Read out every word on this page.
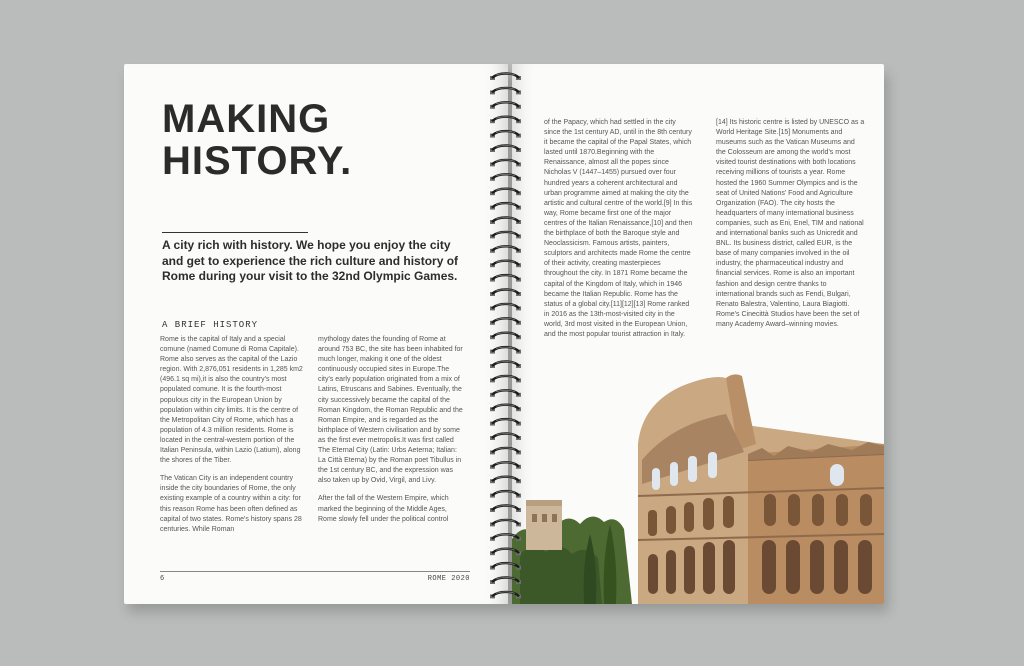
MAKING
HISTORY.
A city rich with history. We hope you enjoy the city and get to experience the rich culture and history of Rome during your visit to the 32nd Olympic Games.
A BRIEF HISTORY

Rome is the capital of Italy and a special comune (named Comune di Roma Capitale). Rome also serves as the capital of the Lazio region. With 2,876,051 residents in 1,285 km2 (496.1 sq mi),it is also the country's most populated comune. It is the fourth-most populous city in the European Union by population within city limits. It is the centre of the Metropolitan City of Rome, which has a population of 4.3 million residents. Rome is located in the central-western portion of the Italian Peninsula, within Lazio (Latium), along the shores of the Tiber.

The Vatican City is an independent country inside the city boundaries of Rome, the only existing example of a country within a city: for this reason Rome has been often defined as capital of two states. Rome's history spans 28 centuries. While Roman

mythology dates the founding of Rome at around 753 BC, the site has been inhabited for much longer, making it one of the oldest continuously occupied sites in Europe.The city's early population originated from a mix of Latins, Etruscans and Sabines. Eventually, the city successively became the capital of the Roman Kingdom, the Roman Republic and the Roman Empire, and is regarded as the birthplace of Western civilisation and by some as the first ever metropolis.It was first called The Eternal City (Latin: Urbs Aeterna; Italian: La Città Eterna) by the Roman poet Tibullus in the 1st century BC, and the expression was also taken up by Ovid, Virgil, and Livy.

After the fall of the Western Empire, which marked the beginning of the Middle Ages, Rome slowly fell under the political control

6	ROME 2020
of the Papacy, which had settled in the city since the 1st century AD, until in the 8th century it became the capital of the Papal States, which lasted until 1870.Beginning with the Renaissance, almost all the popes since Nicholas V (1447–1455) pursued over four hundred years a coherent architectural and urban programme aimed at making the city the artistic and cultural centre of the world.[9] In this way, Rome became first one of the major centres of the Italian Renaissance,[10] and then the birthplace of both the Baroque style and Neoclassicism. Famous artists, painters, sculptors and architects made Rome the centre of their activity, creating masterpieces throughout the city. In 1871 Rome became the capital of the Kingdom of Italy, which in 1946 became the Italian Republic. Rome has the status of a global city.[11][12][13] Rome ranked in 2016 as the 13th-most-visited city in the world, 3rd most visited in the European Union, and the most popular tourist attraction in Italy.
[14] Its historic centre is listed by UNESCO as a World Heritage Site.[15] Monuments and museums such as the Vatican Museums and the Colosseum are among the world's most visited tourist destinations with both locations receiving millions of tourists a year. Rome hosted the 1960 Summer Olympics and is the seat of United Nations' Food and Agriculture Organization (FAO). The city hosts the headquarters of many international business companies, such as Eni, Enel, TIM and national and international banks such as Unicredit and BNL. Its business district, called EUR, is the base of many companies involved in the oil industry, the pharmaceutical industry and financial services. Rome is also an important fashion and design centre thanks to international brands such as Fendi, Bulgari, Renato Balestra, Valentino, Laura Biagiotti. Rome's Cinecittà Studios have been the set of many Academy Award–winning movies.
